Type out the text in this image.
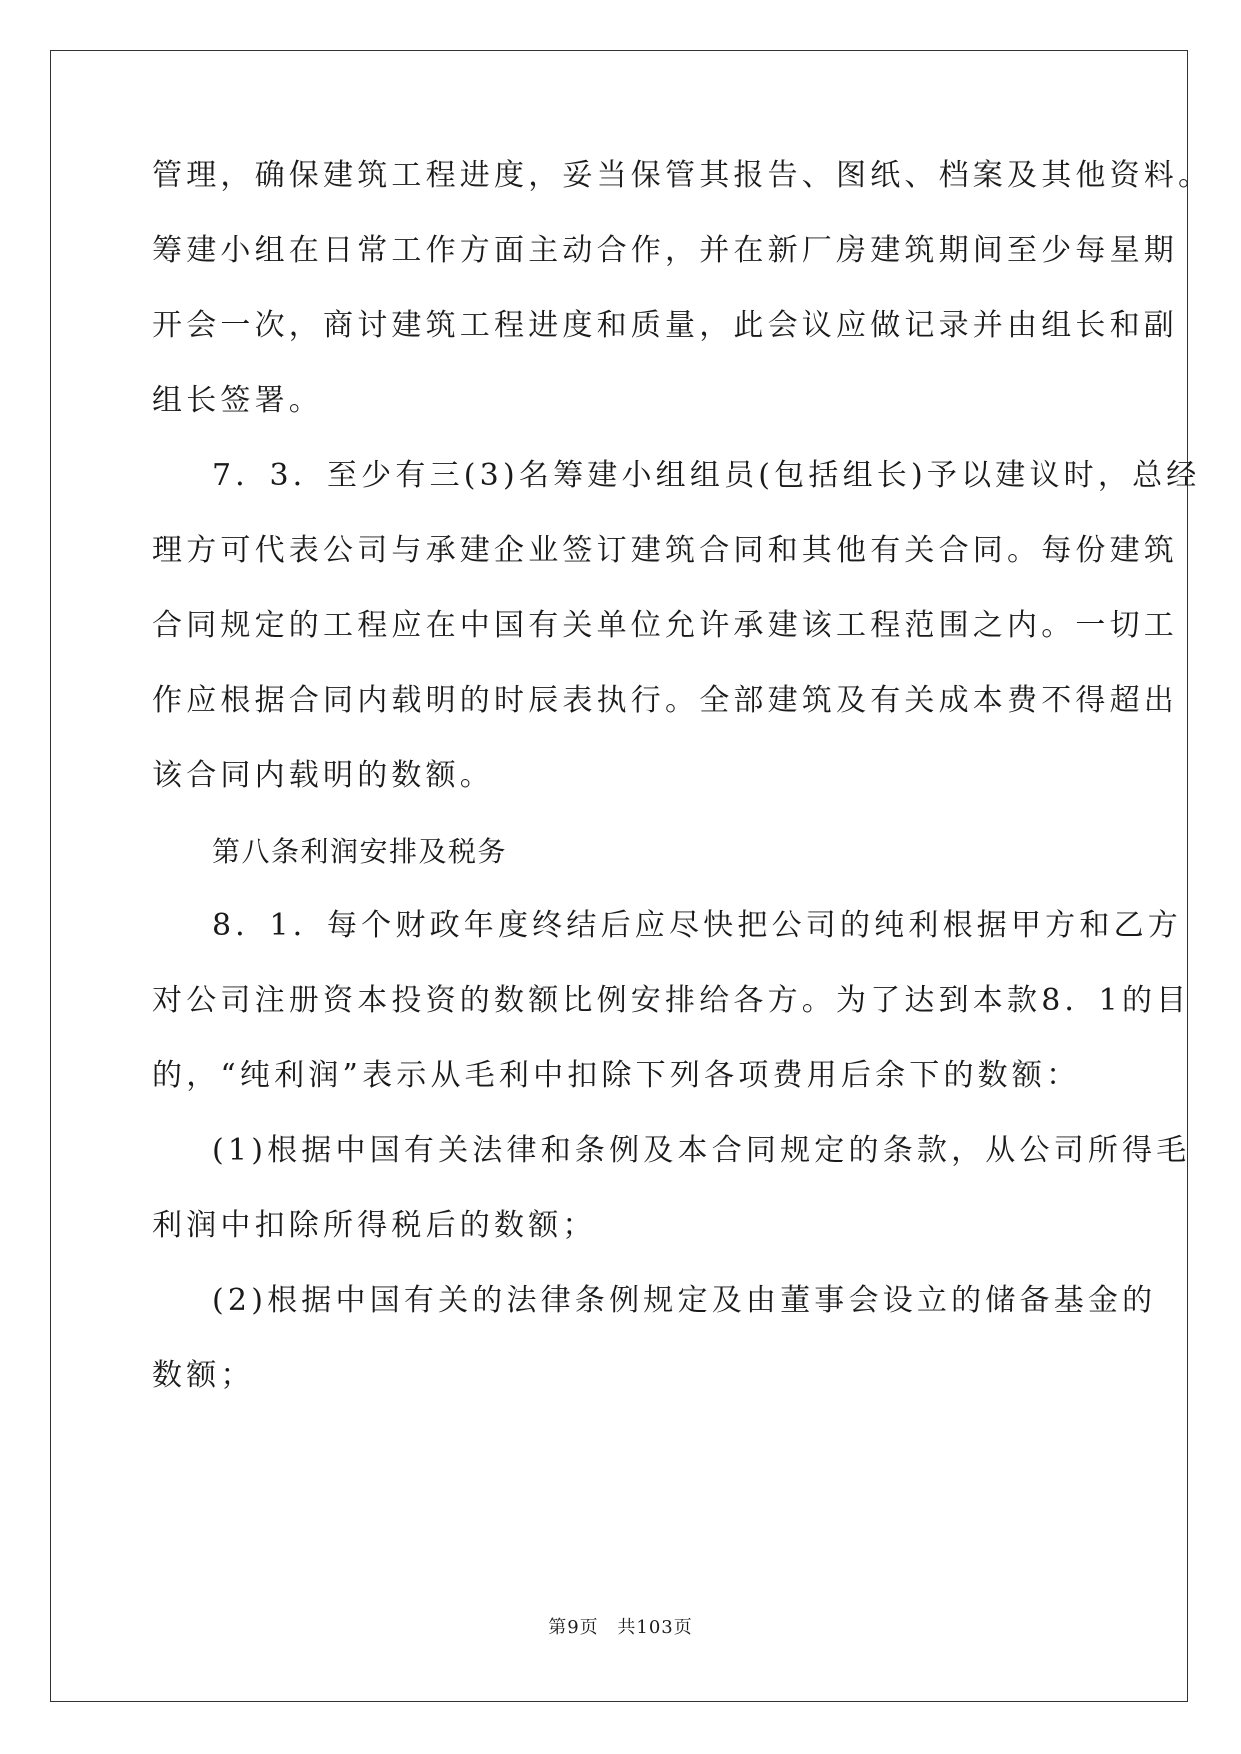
管理，确保建筑工程进度，妥当保管其报告、图纸、档案及其他资料。
筹建小组在日常工作方面主动合作，并在新厂房建筑期间至少每星期
开会一次，商讨建筑工程进度和质量，此会议应做记录并由组长和副
组长签署。
7．3．至少有三(3)名筹建小组组员(包括组长)予以建议时，总经
理方可代表公司与承建企业签订建筑合同和其他有关合同。每份建筑
合同规定的工程应在中国有关单位允许承建该工程范围之内。一切工
作应根据合同内载明的时辰表执行。全部建筑及有关成本费不得超出
该合同内载明的数额。
第八条利润安排及税务
8．1．每个财政年度终结后应尽快把公司的纯利根据甲方和乙方
对公司注册资本投资的数额比例安排给各方。为了达到本款8．1的目
的，“纯利润”表示从毛利中扣除下列各项费用后余下的数额：
(1)根据中国有关法律和条例及本合同规定的条款，从公司所得毛
利润中扣除所得税后的数额；
(2)根据中国有关的法律条例规定及由董事会设立的储备基金的
数额；
第9页 共103页
